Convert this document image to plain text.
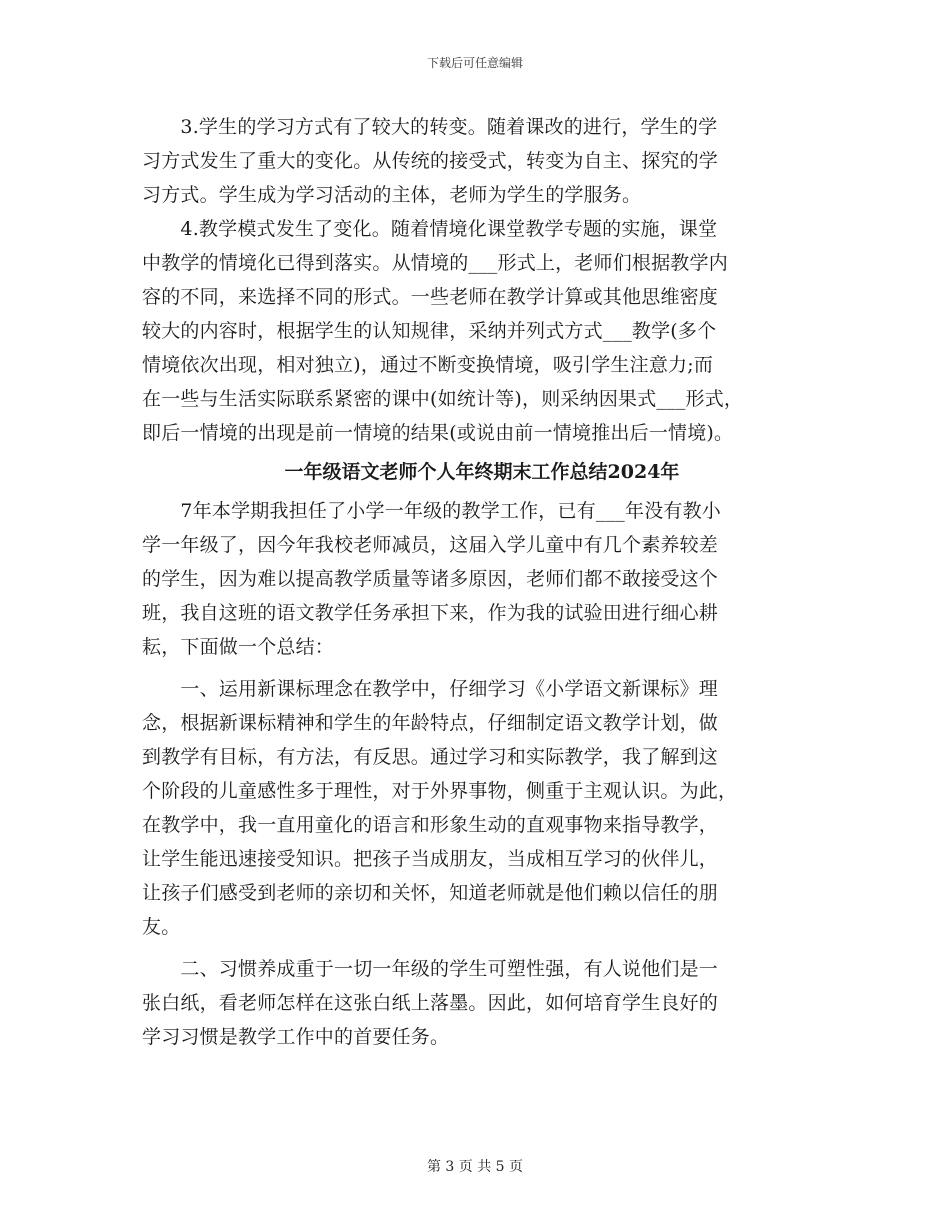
下载后可任意编辑
　　3.学生的学习方式有了较大的转变。随着课改的进行，学生的学
习方式发生了重大的变化。从传统的接受式，转变为自主、探究的学
习方式。学生成为学习活动的主体，老师为学生的学服务。
　　4.教学模式发生了变化。随着情境化课堂教学专题的实施，课堂
中教学的情境化已得到落实。从情境的___形式上，老师们根据教学内
容的不同，来选择不同的形式。一些老师在教学计算或其他思维密度
较大的内容时，根据学生的认知规律，采纳并列式方式___教学(多个
情境依次出现，相对独立)，通过不断变换情境，吸引学生注意力;而
在一些与生活实际联系紧密的课中(如统计等)，则采纳因果式___形式，
即后一情境的出现是前一情境的结果(或说由前一情境推出后一情境)。
一年级语文老师个人年终期末工作总结2024年
　　7年本学期我担任了小学一年级的教学工作，已有___年没有教小
学一年级了，因今年我校老师减员，这届入学儿童中有几个素养较差
的学生，因为难以提高教学质量等诸多原因，老师们都不敢接受这个
班，我自这班的语文教学任务承担下来，作为我的试验田进行细心耕
耘，下面做一个总结：
　　一、运用新课标理念在教学中，仔细学习《小学语文新课标》理
念，根据新课标精神和学生的年龄特点，仔细制定语文教学计划，做
到教学有目标，有方法，有反思。通过学习和实际教学，我了解到这
个阶段的儿童感性多于理性，对于外界事物，侧重于主观认识。为此，
在教学中，我一直用童化的语言和形象生动的直观事物来指导教学，
让学生能迅速接受知识。把孩子当成朋友，当成相互学习的伙伴儿，
让孩子们感受到老师的亲切和关怀，知道老师就是他们赖以信任的朋
友。
　　二、习惯养成重于一切一年级的学生可塑性强，有人说他们是一
张白纸，看老师怎样在这张白纸上落墨。因此，如何培育学生良好的
学习习惯是教学工作中的首要任务。
第 3 页 共 5 页
